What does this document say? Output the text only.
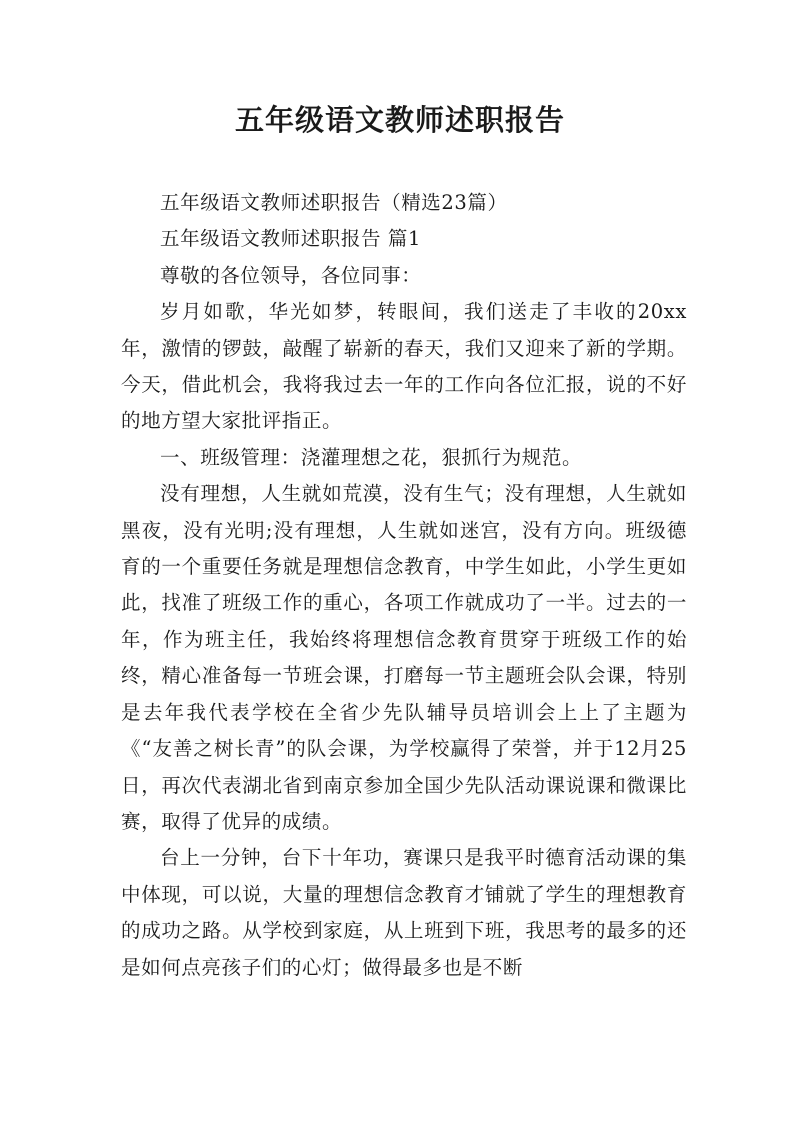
五年级语文教师述职报告

五年级语文教师述职报告（精选23篇）

五年级语文教师述职报告 篇1

尊敬的各位领导，各位同事：

岁月如歌，华光如梦，转眼间，我们送走了丰收的20xx年，激情的锣鼓，敲醒了崭新的春天，我们又迎来了新的学期。今天，借此机会，我将我过去一年的工作向各位汇报，说的不好的地方望大家批评指正。

一、班级管理：浇灌理想之花，狠抓行为规范。

没有理想，人生就如荒漠，没有生气；没有理想，人生就如黑夜，没有光明;没有理想，人生就如迷宫，没有方向。班级德育的一个重要任务就是理想信念教育，中学生如此，小学生更如此，找准了班级工作的重心，各项工作就成功了一半。过去的一年，作为班主任，我始终将理想信念教育贯穿于班级工作的始终，精心准备每一节班会课，打磨每一节主题班会队会课，特别是去年我代表学校在全省少先队辅导员培训会上上了主题为《“友善之树长青”的队会课，为学校赢得了荣誉，并于12月25日，再次代表湖北省到南京参加全国少先队活动课说课和微课比赛，取得了优异的成绩。

台上一分钟，台下十年功，赛课只是我平时德育活动课的集中体现，可以说，大量的理想信念教育才铺就了学生的理想教育的成功之路。从学校到家庭，从上班到下班，我思考的最多的还是如何点亮孩子们的心灯；做得最多也是不断
